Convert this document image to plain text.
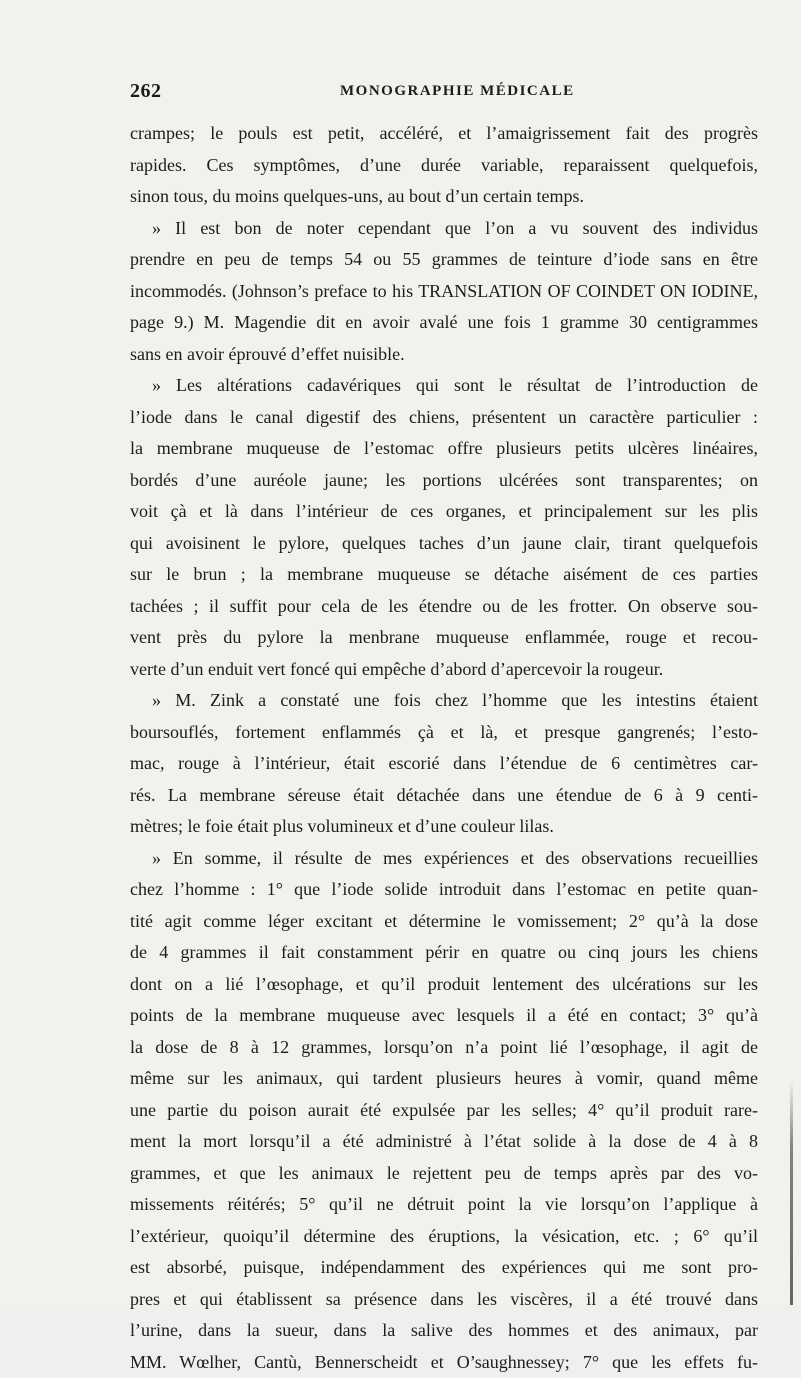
262	MONOGRAPHIE MÉDICALE
crampes; le pouls est petit, accéléré, et l’amaigrissement fait des progrès
rapides. Ces symptômes, d’une durée variable, reparaissent quelquefois,
sinon tous, du moins quelques-uns, au bout d’un certain temps.
» Il est bon de noter cependant que l’on a vu souvent des individus
prendre en peu de temps 54 ou 55 grammes de teinture d’iode sans en être
incommodés. (Johnson’s preface to his TRANSLATION OF COINDET ON IODINE,
page 9.) M. Magendie dit en avoir avalé une fois 1 gramme 30 centigrammes
sans en avoir éprouvé d’effet nuisible.
» Les altérations cadavériques qui sont le résultat de l’introduction de
l’iode dans le canal digestif des chiens, présentent un caractère particulier :
la membrane muqueuse de l’estomac offre plusieurs petits ulcères linéaires,
bordés d’une auréole jaune; les portions ulcérées sont transparentes; on
voit çà et là dans l’intérieur de ces organes, et principalement sur les plis
qui avoisinent le pylore, quelques taches d’un jaune clair, tirant quelquefois
sur le brun ; la membrane muqueuse se détache aisément de ces parties
tachées ; il suffit pour cela de les étendre ou de les frotter. On observe sou-
vent près du pylore la menbrane muqueuse enflammée, rouge et recou-
verte d’un enduit vert foncé qui empêche d’abord d’apercevoir la rougeur.
» M. Zink a constaté une fois chez l’homme que les intestins étaient
boursouflés, fortement enflammés çà et là, et presque gangrenés; l’esto-
mac, rouge à l’intérieur, était escorié dans l’étendue de 6 centimètres car-
rés. La membrane séreuse était détachée dans une étendue de 6 à 9 centi-
mètres; le foie était plus volumineux et d’une couleur lilas.
» En somme, il résulte de mes expériences et des observations recueillies
chez l’homme : 1° que l’iode solide introduit dans l’estomac en petite quan-
tité agit comme léger excitant et détermine le vomissement; 2° qu’à la dose
de 4 grammes il fait constamment périr en quatre ou cinq jours les chiens
dont on a lié l’œsophage, et qu’il produit lentement des ulcérations sur les
points de la membrane muqueuse avec lesquels il a été en contact; 3° qu’à
la dose de 8 à 12 grammes, lorsqu’on n’a point lié l’œsophage, il agit de
même sur les animaux, qui tardent plusieurs heures à vomir, quand même
une partie du poison aurait été expulsée par les selles; 4° qu’il produit rare-
ment la mort lorsqu’il a été administré à l’état solide à la dose de 4 à 8
grammes, et que les animaux le rejettent peu de temps après par des vo-
missements réitérés; 5° qu’il ne détruit point la vie lorsqu’on l’applique à
l’extérieur, quoiqu’il détermine des éruptions, la vésication, etc. ; 6° qu’il
est absorbé, puisque, indépendamment des expériences qui me sont pro-
pres et qui établissent sa présence dans les viscères, il a été trouvé dans
l’urine, dans la sueur, dans la salive des hommes et des animaux, par
MM. Wœlher, Cantù, Bennerscheidt et O’saughnessey; 7° que les effets fu-
